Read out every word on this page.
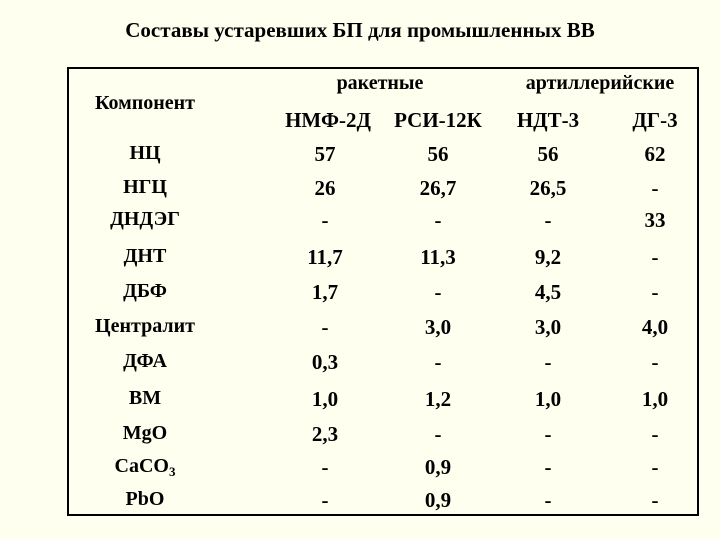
Составы устаревших БП для промышленных ВВ
Компонент
ракетные	артиллерийские
НМФ-2Д	РСИ-12К	НДТ-3	ДГ-3
НЦ	57	56	56	62
НГЦ	26	26,7	26,5	-
ДНДЭГ	-	-	-	33
ДНТ	11,7	11,3	9,2	-
ДБФ	1,7	-	4,5	-
Централит	-	3,0	3,0	4,0
ДФА	0,3	-	-	-
ВМ	1,0	1,2	1,0	1,0
MgO	2,3	-	-	-
CaCO$_3$	-	0,9	-	-
PbO	-	0,9	-	-
